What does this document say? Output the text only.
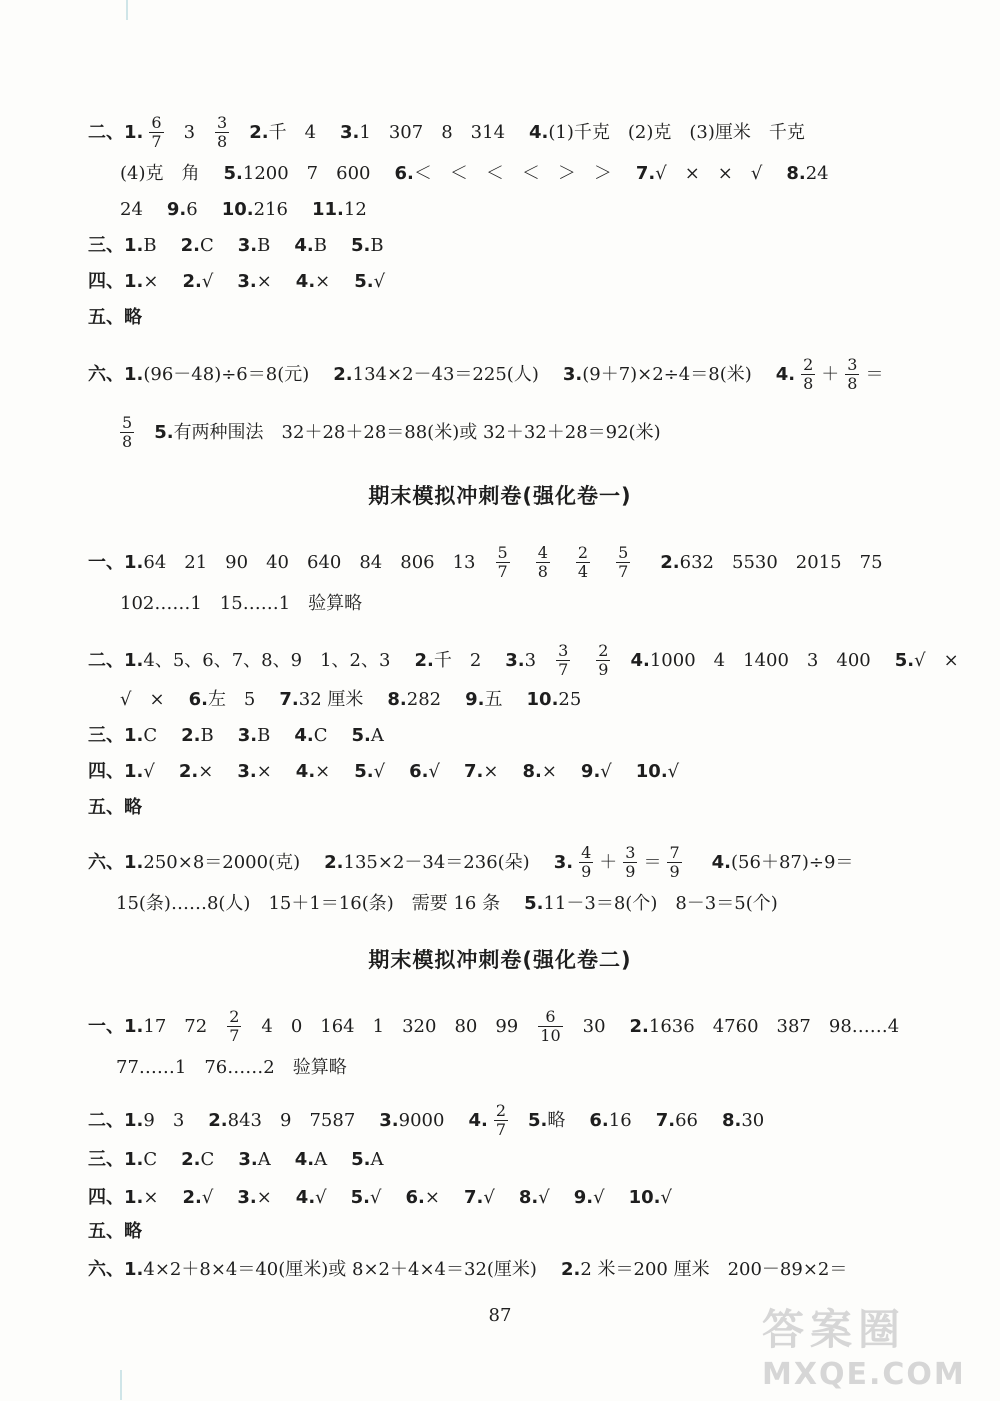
二、1. $\frac{6}{7} 3 \frac{3}{8} 2$. 千　4 3. 1　307　8　314 4. (1)千克　(2)克　(3)厘米　千克
(4)克　角 5. 1200　7　600 6. ＜　＜　＜　＜　＞　＞ 7. √　×　×　√ 8. 24
24 9. 6 10. 216 11. 12
三、1. B 2. C 3. B 4. B 5. B
四、1. × 2. √ 3. × 4. × 5. √
五、略
六、1. (96－48)÷6＝8(元) 2. 134×2－43＝225(人) 3. (9＋7)×2÷4＝8(米) 4. $\frac{2}{8} + \frac{3}{8}$ ＝
$\frac{5}{8} 5$. 有两种围法　32＋28＋28＝88(米)或 32＋32＋28＝92(米)
期末模拟冲刺卷(强化卷一)
一、1. 64　21　90　40　640　84　806　$13 \frac{5}{7} \frac{4}{8} \frac{2}{4} \frac{5}{7} 2$. 632　5530　2015　75
102……1　15……1　验算略
二、1. 4、5、6、7、8、9　1、2、3 2. 千　2 3. $3 \frac{3}{7} \frac{2}{9} 4$. 1000　4　1400　3　400 5. √　×
√　× 6. 左　5 7. 32 厘米 8. 282 9. 五 10. 25
三、1. C 2. B 3. B 4. C 5. A
四、1. √ 2. × 3. × 4. × 5. √ 6. √ 7. × 8. × 9. √ 10. √
五、略
六、1. 250×8＝2000(克) 2. 135×2－34＝236(朵) 3. $\frac{4}{9} + \frac{3}{9} = \frac{7}{9} 4$. (56＋87)÷9＝
15(条)……8(人)　15＋1＝16(条)　需要 16 条 5. 11－3＝8(个)　8－3＝5(个)
期末模拟冲刺卷(强化卷二)
一、1. 17　$72 \frac{2}{7} 4$　0　164　1　320　80　$99 \frac{6}{10} 30$ 2. 1636　4760　387　98……4
77……1　76……2　验算略
二、1. 9　3 2. 843　9　7587 3. 9000 4. $\frac{2}{7} 5$. 略 6. 16 7. 66 8. 30
三、1. C 2. C 3. A 4. A 5. A
四、1. × 2. √ 3. × 4. √ 5. √ 6. × 7. √ 8. √ 9. √ 10. √
五、略
六、1. 4×2＋8×4＝40(厘米)或 8×2＋4×4＝32(厘米) 2. 2 米＝200 厘米　200－89×2＝
87	答案圈
MXQE.COM
